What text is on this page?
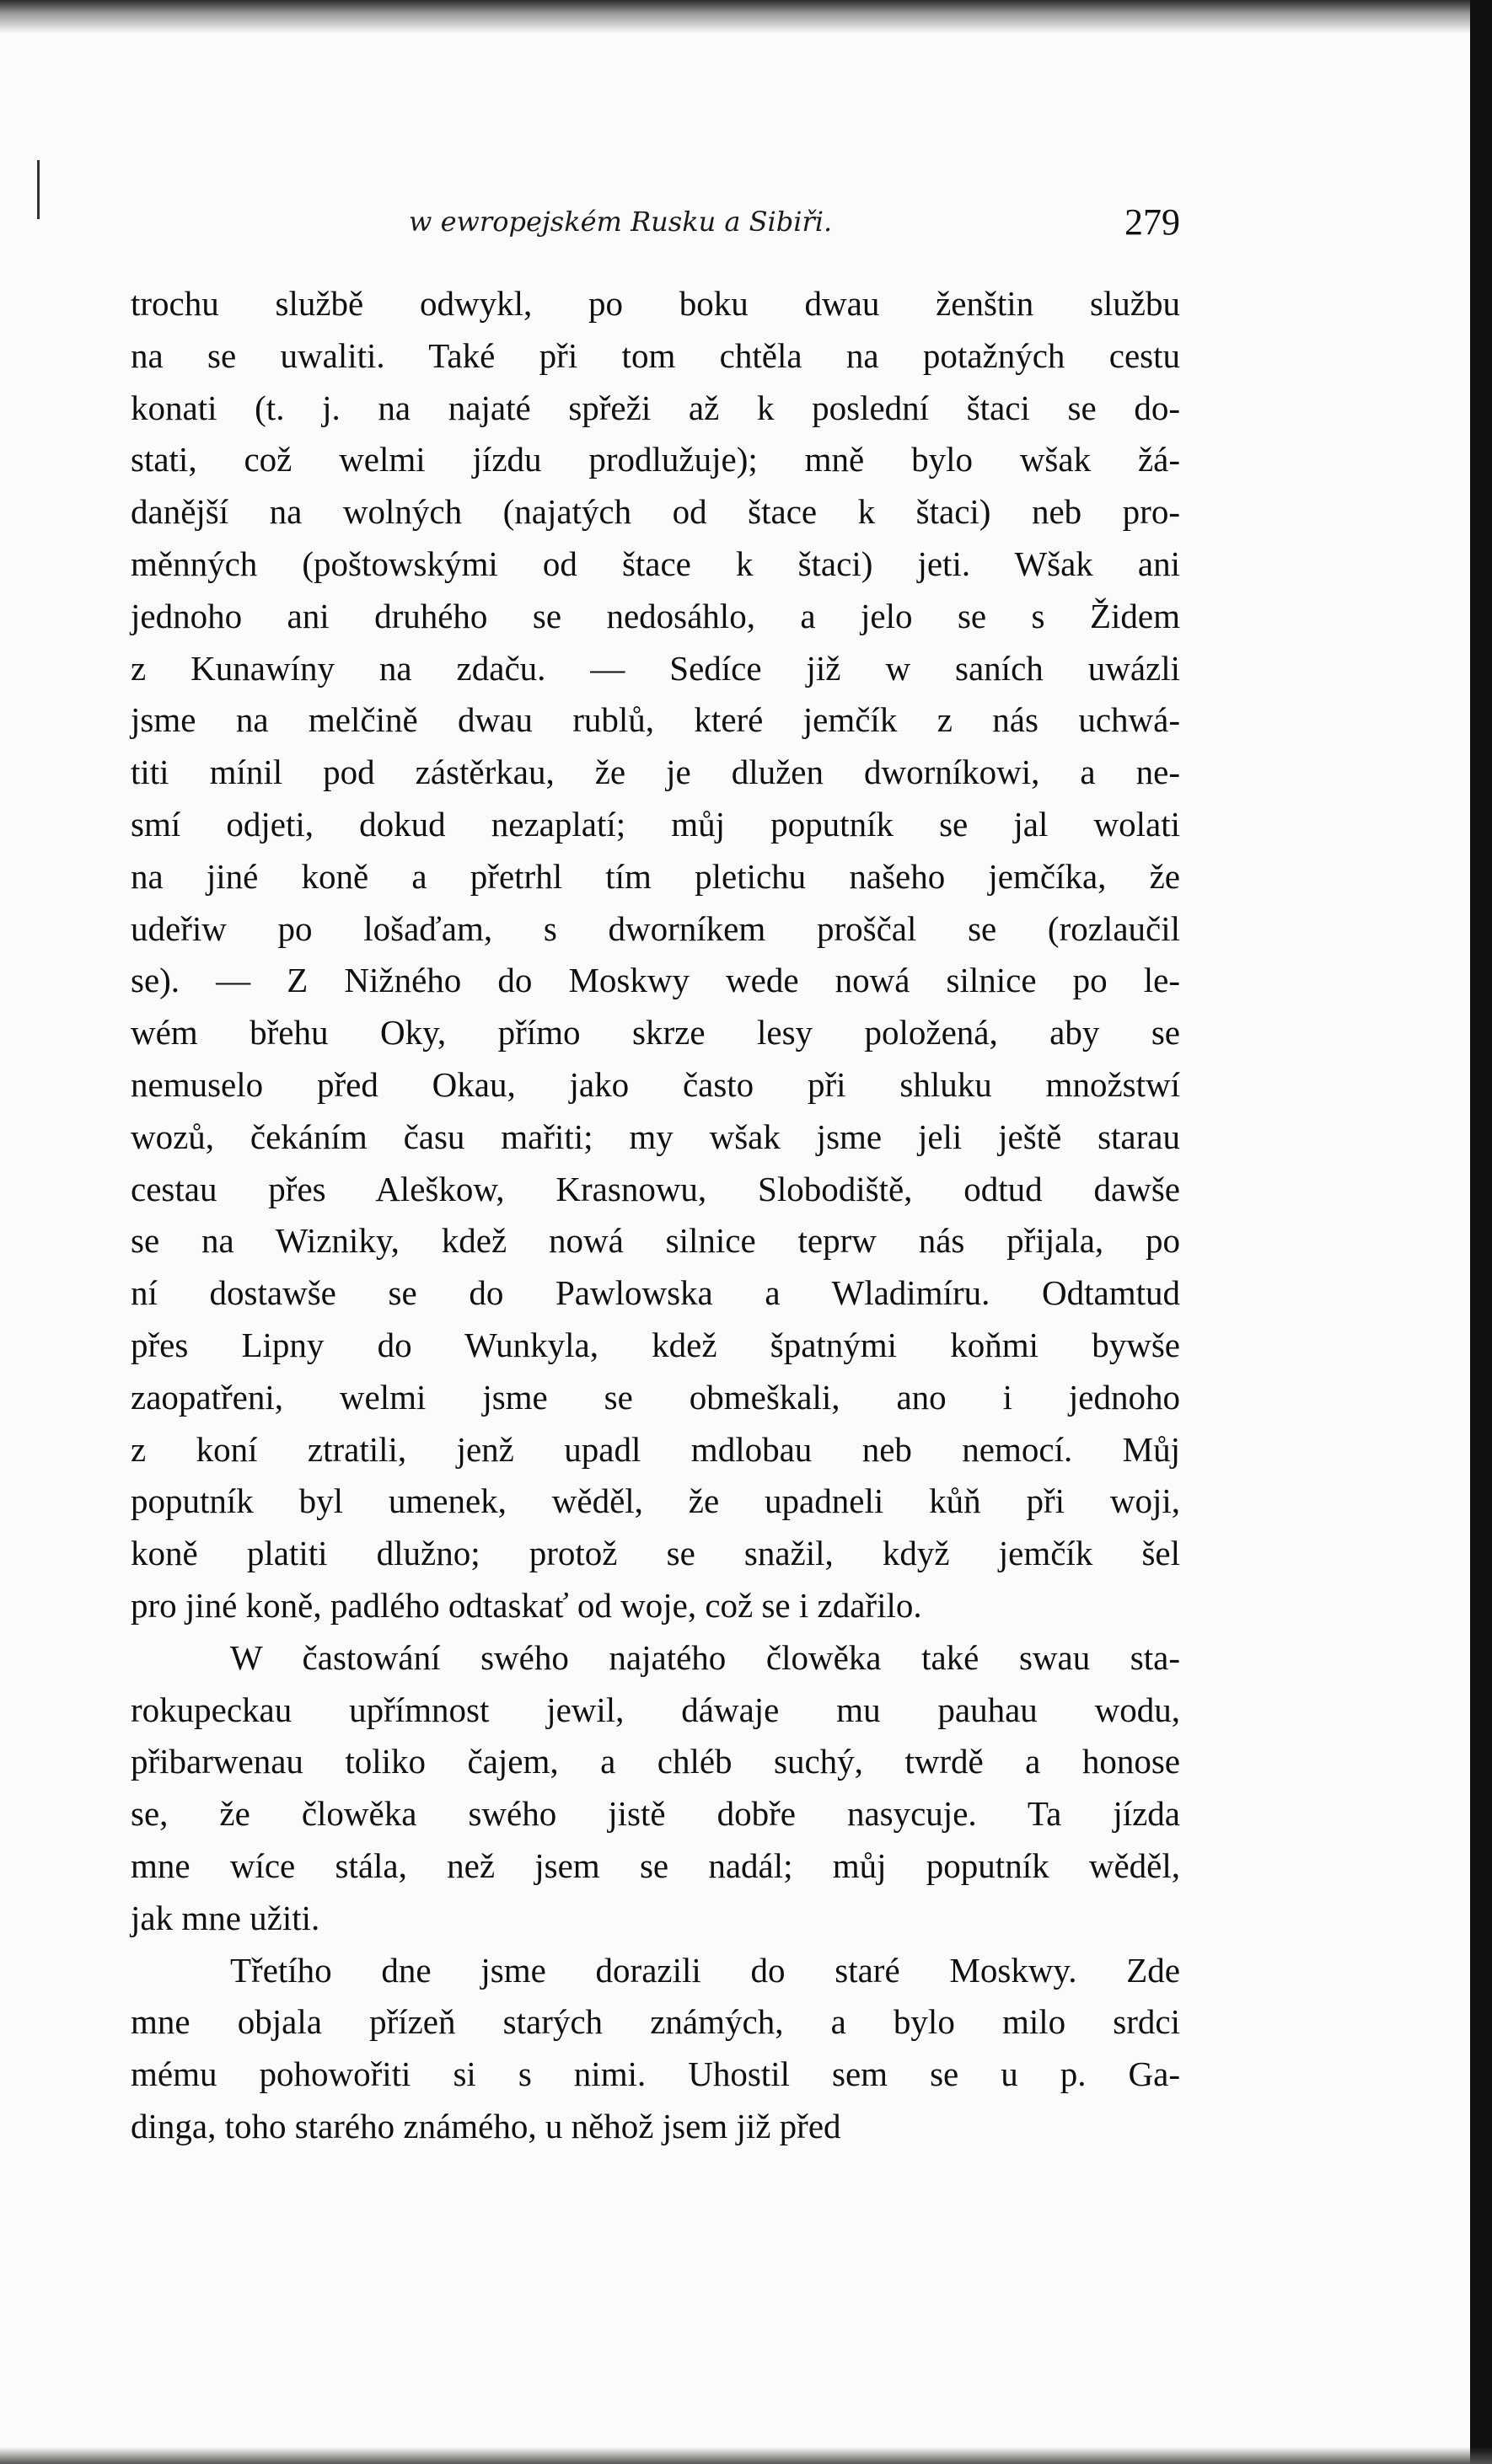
w ewropejském Rusku a Sibiři.	279
trochu službě odwykl, po boku dwau ženštin službu
na se uwaliti. Také při tom chtěla na potažných cestu
konati (t. j. na najaté spřeži až k poslední štaci se do-
stati, což welmi jízdu prodlužuje); mně bylo wšak žá-
danější na wolných (najatých od štace k štaci) neb pro-
měnných (poštowskými od štace k štaci) jeti. Wšak ani
jednoho ani druhého se nedosáhlo, a jelo se s Židem
z Kunawíny na zdaču. — Sedíce již w saních uwázli
jsme na melčině dwau rublů, které jemčík z nás uchwá-
titi mínil pod zástěrkau, že je dlužen dworníkowi, a ne-
smí odjeti, dokud nezaplatí; můj poputník se jal wolati
na jiné koně a přetrhl tím pletichu našeho jemčíka, že
udeřiw po lošaďam, s dworníkem proščal se (rozlaučil
se). — Z Nižného do Moskwy wede nowá silnice po le-
wém břehu Oky, přímo skrze lesy položená, aby se
nemuselo před Okau, jako často při shluku množstwí
wozů, čekáním času mařiti; my wšak jsme jeli ještě starau
cestau přes Aleškow, Krasnowu, Slobodiště, odtud dawše
se na Wizniky, kdež nowá silnice teprw nás přijala, po
ní dostawše se do Pawlowska a Wladimíru. Odtamtud
přes Lipny do Wunkyla, kdež špatnými koňmi bywše
zaopatřeni, welmi jsme se obmeškali, ano i jednoho
z koní ztratili, jenž upadl mdlobau neb nemocí. Můj
poputník byl umenek, wěděl, že upadneli kůň při woji,
koně platiti dlužno; protož se snažil, když jemčík šel
pro jiné koně, padlého odtaskať od woje, což se i zdařilo.
W častowání swého najatého člowěka také swau sta-
rokupeckau upřímnost jewil, dáwaje mu pauhau wodu,
přibarwenau toliko čajem, a chléb suchý, twrdě a honose
se, že člowěka swého jistě dobře nasycuje. Ta jízda
mne wíce stála, než jsem se nadál; můj poputník wěděl,
jak mne užiti.
Třetího dne jsme dorazili do staré Moskwy. Zde
mne objala přízeň starých známých, a bylo milo srdci
mému pohowořiti si s nimi. Uhostil sem se u p. Ga-
dinga, toho starého známého, u něhož jsem již před
